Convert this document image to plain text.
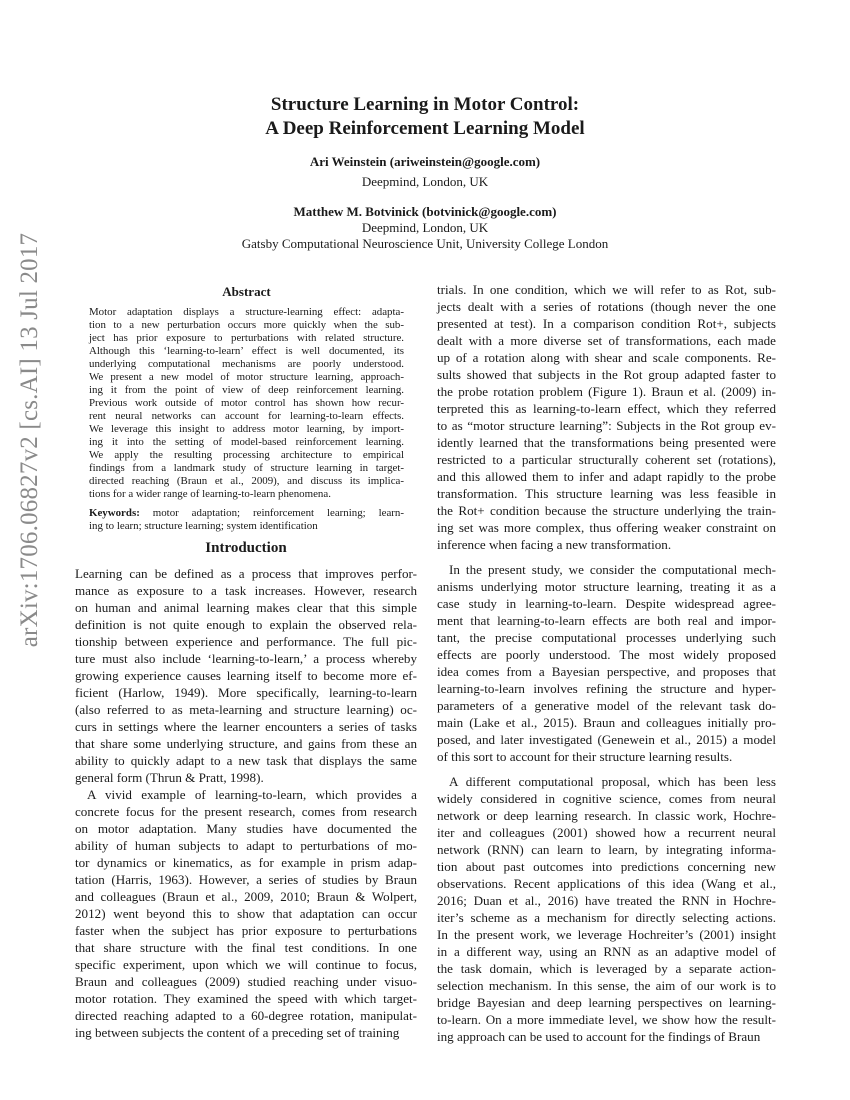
arXiv:1706.06827v2 [cs.AI] 13 Jul 2017
Structure Learning in Motor Control:
A Deep Reinforcement Learning Model
Ari Weinstein (ariweinstein@google.com)
Deepmind, London, UK
Matthew M. Botvinick (botvinick@google.com)
Deepmind, London, UK
Gatsby Computational Neuroscience Unit, University College London
Abstract
Motor adaptation displays a structure-learning effect: adapta-
tion to a new perturbation occurs more quickly when the sub-
ject has prior exposure to perturbations with related structure.
Although this ‘learning-to-learn’ effect is well documented, its
underlying computational mechanisms are poorly understood.
We present a new model of motor structure learning, approach-
ing it from the point of view of deep reinforcement learning.
Previous work outside of motor control has shown how recur-
rent neural networks can account for learning-to-learn effects.
We leverage this insight to address motor learning, by import-
ing it into the setting of model-based reinforcement learning.
We apply the resulting processing architecture to empirical
findings from a landmark study of structure learning in target-
directed reaching (Braun et al., 2009), and discuss its implica-
tions for a wider range of learning-to-learn phenomena.
Keywords: motor adaptation; reinforcement learning; learn-
ing to learn; structure learning; system identification
Introduction
Learning can be defined as a process that improves perfor-
mance as exposure to a task increases. However, research
on human and animal learning makes clear that this simple
definition is not quite enough to explain the observed rela-
tionship between experience and performance. The full pic-
ture must also include ‘learning-to-learn,’ a process whereby
growing experience causes learning itself to become more ef-
ficient (Harlow, 1949). More specifically, learning-to-learn
(also referred to as meta-learning and structure learning) oc-
curs in settings where the learner encounters a series of tasks
that share some underlying structure, and gains from these an
ability to quickly adapt to a new task that displays the same
general form (Thrun & Pratt, 1998).
A vivid example of learning-to-learn, which provides a
concrete focus for the present research, comes from research
on motor adaptation. Many studies have documented the
ability of human subjects to adapt to perturbations of mo-
tor dynamics or kinematics, as for example in prism adap-
tation (Harris, 1963). However, a series of studies by Braun
and colleagues (Braun et al., 2009, 2010; Braun & Wolpert,
2012) went beyond this to show that adaptation can occur
faster when the subject has prior exposure to perturbations
that share structure with the final test conditions. In one
specific experiment, upon which we will continue to focus,
Braun and colleagues (2009) studied reaching under visuo-
motor rotation. They examined the speed with which target-
directed reaching adapted to a 60-degree rotation, manipulat-
ing between subjects the content of a preceding set of training
trials. In one condition, which we will refer to as Rot, sub-
jects dealt with a series of rotations (though never the one
presented at test). In a comparison condition Rot+, subjects
dealt with a more diverse set of transformations, each made
up of a rotation along with shear and scale components. Re-
sults showed that subjects in the Rot group adapted faster to
the probe rotation problem (Figure 1). Braun et al. (2009) in-
terpreted this as learning-to-learn effect, which they referred
to as “motor structure learning”: Subjects in the Rot group ev-
idently learned that the transformations being presented were
restricted to a particular structurally coherent set (rotations),
and this allowed them to infer and adapt rapidly to the probe
transformation. This structure learning was less feasible in
the Rot+ condition because the structure underlying the train-
ing set was more complex, thus offering weaker constraint on
inference when facing a new transformation.
In the present study, we consider the computational mech-
anisms underlying motor structure learning, treating it as a
case study in learning-to-learn. Despite widespread agree-
ment that learning-to-learn effects are both real and impor-
tant, the precise computational processes underlying such
effects are poorly understood. The most widely proposed
idea comes from a Bayesian perspective, and proposes that
learning-to-learn involves refining the structure and hyper-
parameters of a generative model of the relevant task do-
main (Lake et al., 2015). Braun and colleagues initially pro-
posed, and later investigated (Genewein et al., 2015) a model
of this sort to account for their structure learning results.
A different computational proposal, which has been less
widely considered in cognitive science, comes from neural
network or deep learning research. In classic work, Hochre-
iter and colleagues (2001) showed how a recurrent neural
network (RNN) can learn to learn, by integrating informa-
tion about past outcomes into predictions concerning new
observations. Recent applications of this idea (Wang et al.,
2016; Duan et al., 2016) have treated the RNN in Hochre-
iter’s scheme as a mechanism for directly selecting actions.
In the present work, we leverage Hochreiter’s (2001) insight
in a different way, using an RNN as an adaptive model of
the task domain, which is leveraged by a separate action-
selection mechanism. In this sense, the aim of our work is to
bridge Bayesian and deep learning perspectives on learning-
to-learn. On a more immediate level, we show how the result-
ing approach can be used to account for the findings of Braun
